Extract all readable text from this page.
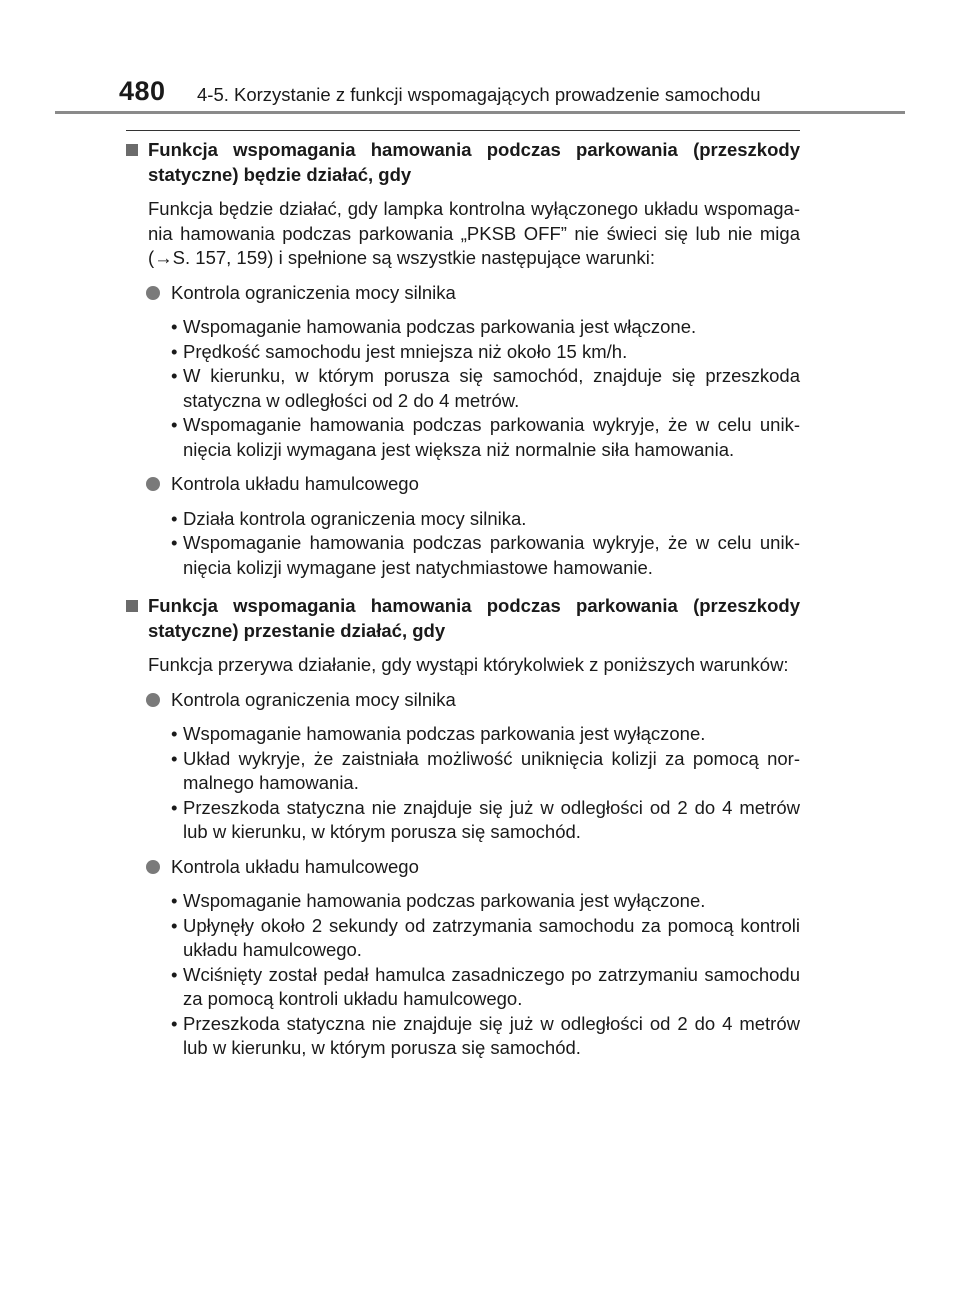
480 4-5. Korzystanie z funkcji wspomagających prowadzenie samochodu
Funkcja wspomagania hamowania podczas parkowania (przeszkody statyczne) będzie działać, gdy
Funkcja będzie działać, gdy lampka kontrolna wyłączonego układu wspomaga-nia hamowania podczas parkowania „PKSB OFF” nie świeci się lub nie miga (→S. 157, 159) i spełnione są wszystkie następujące warunki:
Kontrola ograniczenia mocy silnika
• Wspomaganie hamowania podczas parkowania jest włączone.
• Prędkość samochodu jest mniejsza niż około 15 km/h.
• W kierunku, w którym porusza się samochód, znajduje się przeszkoda statyczna w odległości od 2 do 4 metrów.
• Wspomaganie hamowania podczas parkowania wykryje, że w celu unik-nięcia kolizji wymagana jest większa niż normalnie siła hamowania.
Kontrola układu hamulcowego
• Działa kontrola ograniczenia mocy silnika.
• Wspomaganie hamowania podczas parkowania wykryje, że w celu unik-nięcia kolizji wymagane jest natychmiastowe hamowanie.
Funkcja wspomagania hamowania podczas parkowania (przeszkody statyczne) przestanie działać, gdy
Funkcja przerywa działanie, gdy wystąpi którykolwiek z poniższych warunków:
Kontrola ograniczenia mocy silnika
• Wspomaganie hamowania podczas parkowania jest wyłączone.
• Układ wykryje, że zaistniała możliwość uniknięcia kolizji za pomocą nor-malnego hamowania.
• Przeszkoda statyczna nie znajduje się już w odległości od 2 do 4 metrów lub w kierunku, w którym porusza się samochód.
Kontrola układu hamulcowego
• Wspomaganie hamowania podczas parkowania jest wyłączone.
• Upłynęły około 2 sekundy od zatrzymania samochodu za pomocą kontroli układu hamulcowego.
• Wciśnięty został pedał hamulca zasadniczego po zatrzymaniu samochodu za pomocą kontroli układu hamulcowego.
• Przeszkoda statyczna nie znajduje się już w odległości od 2 do 4 metrów lub w kierunku, w którym porusza się samochód.
